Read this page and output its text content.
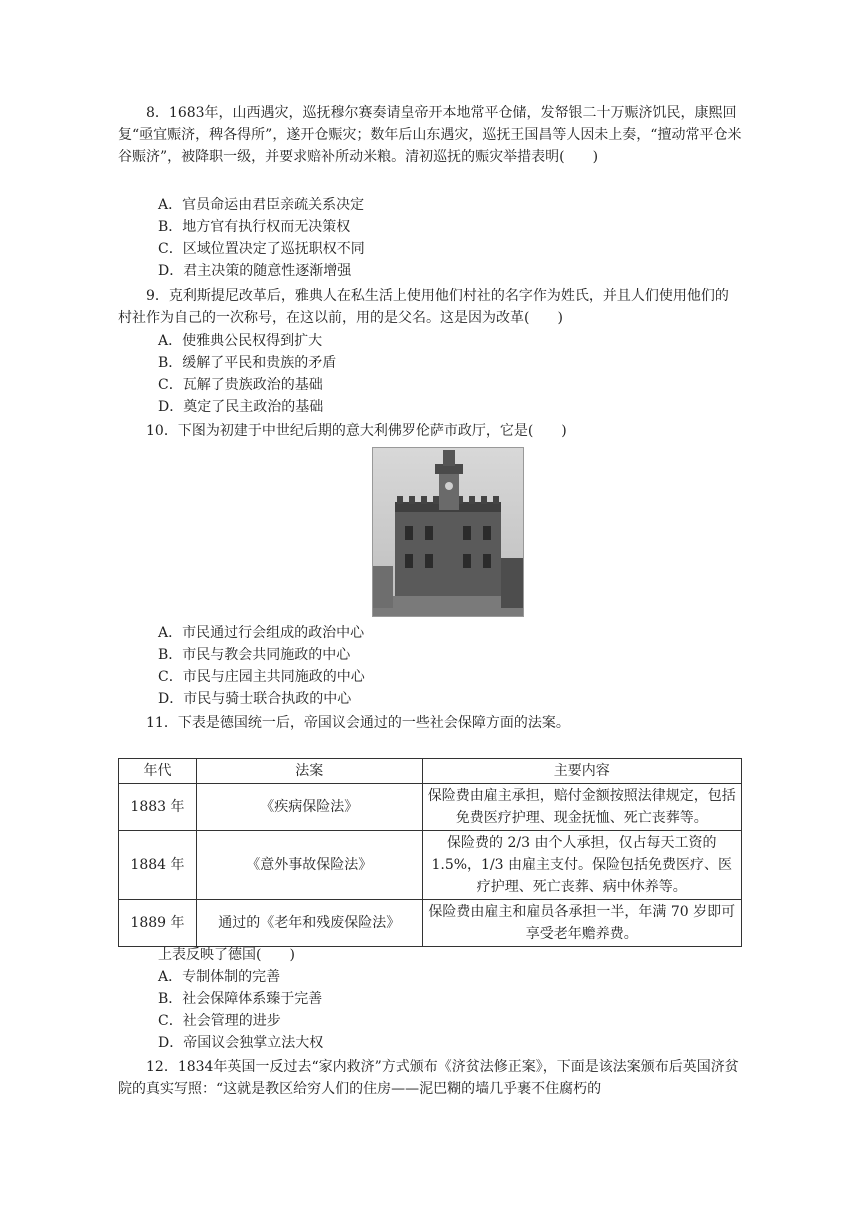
8．1683年，山西遇灾，巡抚穆尔赛奏请皇帝开本地常平仓储，发帑银二十万赈济饥民，康熙回复“亟宜赈济，稗各得所”，遂开仓赈灾；数年后山东遇灾，巡抚王国昌等人因未上奏，“擅动常平仓米谷赈济”，被降职一级，并要求赔补所动米粮。清初巡抚的赈灾举措表明(　　)

A．官员命运由君臣亲疏关系决定

B．地方官有执行权而无决策权

C．区域位置决定了巡抚职权不同

D．君主决策的随意性逐渐增强

9．克利斯提尼改革后，雅典人在私生活上使用他们村社的名字作为姓氏，并且人们使用他们的村社作为自己的一次称号，在这以前，用的是父名。这是因为改革(　　)

A．使雅典公民权得到扩大

B．缓解了平民和贵族的矛盾

C．瓦解了贵族政治的基础

D．奠定了民主政治的基础

10．下图为初建于中世纪后期的意大利佛罗伦萨市政厅，它是(　　)

A．市民通过行会组成的政治中心

B．市民与教会共同施政的中心

C．市民与庄园主共同施政的中心

D．市民与骑士联合执政的中心

11．下表是德国统一后，帝国议会通过的一些社会保障方面的法案。

年代	法案	主要内容
1883 年	《疾病保险法》	保险费由雇主承担，赔付金额按照法律规定，包括免费医疗护理、现金抚恤、死亡丧葬等。
1884 年	《意外事故保险法》	保险费的 2/3 由个人承担，仅占每天工资的 1.5%，1/3 由雇主支付。保险包括免费医疗、医疗护理、死亡丧葬、病中休养等。
1889 年	通过的《老年和残废保险法》	保险费由雇主和雇员各承担一半，年满 70 岁即可享受老年赡养费。

上表反映了德国(　　)

A．专制体制的完善

B．社会保障体系臻于完善

C．社会管理的进步

D．帝国议会独掌立法大权

12．1834年英国一反过去“家内救济”方式颁布《济贫法修正案》，下面是该法案颁布后英国济贫院的真实写照：“这就是教区给穷人们的住房——泥巴糊的墙几乎裹不住腐朽的
